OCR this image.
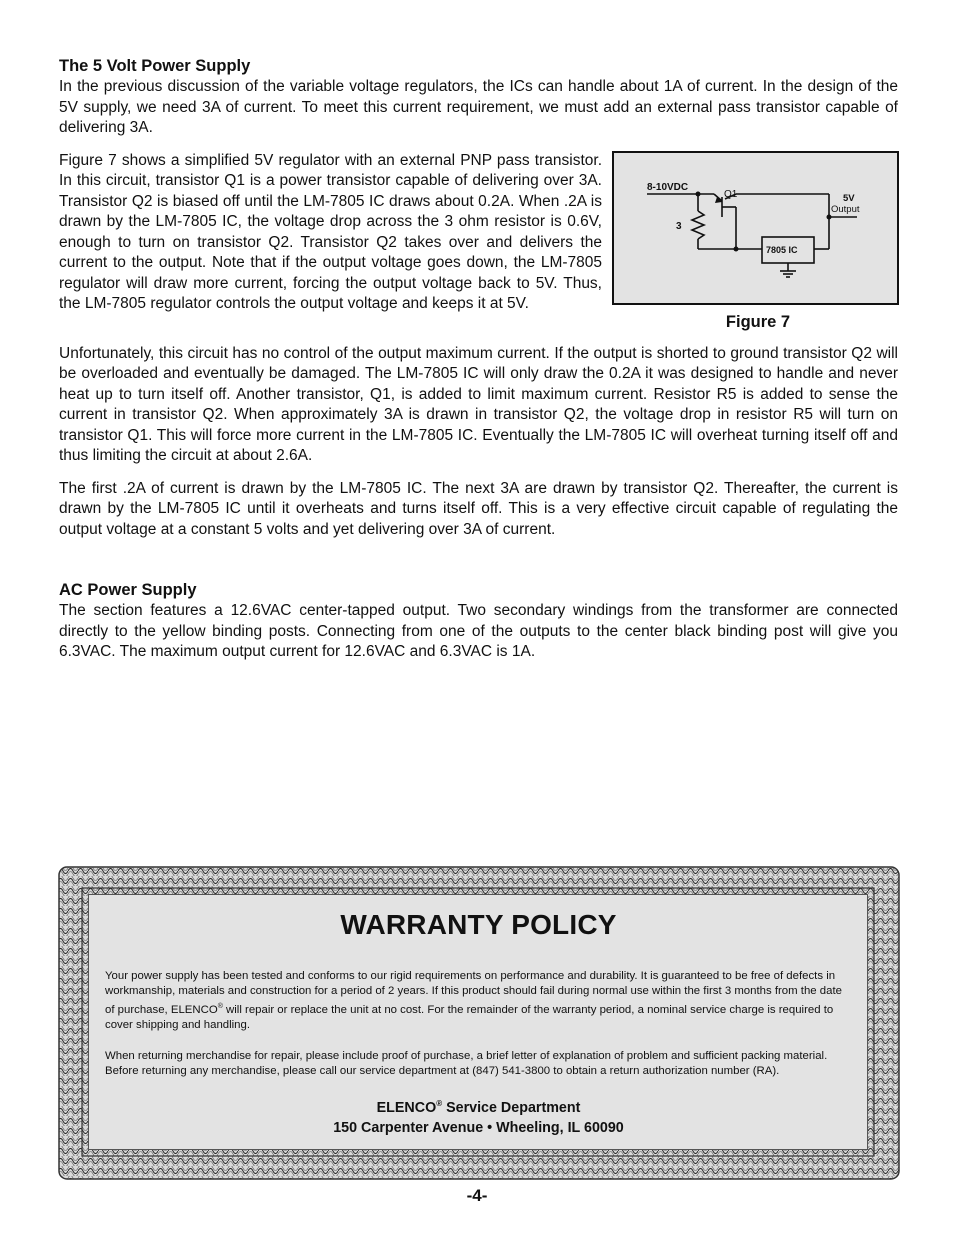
The 5 Volt Power Supply

In the previous discussion of the variable voltage regulators, the ICs can handle about 1A of current. In the design of the 5V supply, we need 3A of current. To meet this current requirement, we must add an external pass transistor capable of delivering 3A.

Figure 7 shows a simplified 5V regulator with an external PNP pass transistor. In this circuit, transistor Q1 is a power transistor capable of delivering over 3A. Transistor Q2 is biased off until the LM-7805 IC draws about 0.2A. When .2A is drawn by the LM-7805 IC, the voltage drop across the 3 ohm resistor is 0.6V, enough to turn on transistor Q2. Transistor Q2 takes over and delivers the current to the output. Note that if the output voltage goes down, the LM-7805 regulator will draw more current, forcing the output voltage back to 5V. Thus, the LM-7805 regulator controls the output voltage and keeps it at 5V.

8-10VDC
Q1
3
7805 IC
5V
Output
Figure 7

Unfortunately, this circuit has no control of the output maximum current. If the output is shorted to ground transistor Q2 will be overloaded and eventually be damaged. The LM-7805 IC will only draw the 0.2A it was designed to handle and never heat up to turn itself off. Another transistor, Q1, is added to limit maximum current. Resistor R5 is added to sense the current in transistor Q2. When approximately 3A is drawn in transistor Q2, the voltage drop in resistor R5 will turn on transistor Q1. This will force more current in the LM-7805 IC. Eventually the LM-7805 IC will overheat turning itself off and thus limiting the circuit at about 2.6A.

The first .2A of current is drawn by the LM-7805 IC. The next 3A are drawn by transistor Q2. Thereafter, the current is drawn by the LM-7805 IC until it overheats and turns itself off. This is a very effective circuit capable of regulating the output voltage at a constant 5 volts and yet delivering over 3A of current.

AC Power Supply

The section features a 12.6VAC center-tapped output. Two secondary windings from the transformer are connected directly to the yellow binding posts. Connecting from one of the outputs to the center black binding post will give you 6.3VAC. The maximum output current for 12.6VAC and 6.3VAC is 1A.

WARRANTY POLICY

Your power supply has been tested and conforms to our rigid requirements on performance and durability. It is guaranteed to be free of defects in workmanship, materials and construction for a period of 2 years. If this product should fail during normal use within the first 3 months from the date of purchase, ELENCO® will repair or replace the unit at no cost. For the remainder of the warranty period, a nominal service charge is required to cover shipping and handling.

When returning merchandise for repair, please include proof of purchase, a brief letter of explanation of problem and sufficient packing material. Before returning any merchandise, please call our service department at (847) 541-3800 to obtain a return authorization number (RA).

ELENCO® Service Department
150 Carpenter Avenue • Wheeling, IL 60090
-4-
